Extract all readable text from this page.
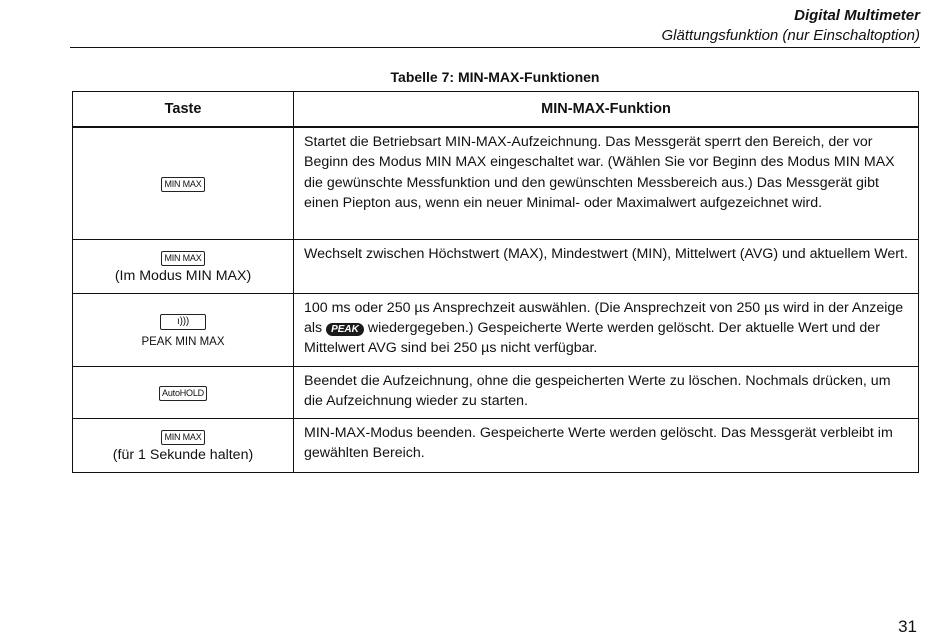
Digital Multimeter
Glättungsfunktion (nur Einschaltoption)
Tabelle 7: MIN-MAX-Funktionen
Taste	MIN-MAX-Funktion
MIN MAX	Startet die Betriebsart MIN-MAX-Aufzeichnung. Das Messgerät sperrt den Bereich, der vor Beginn des Modus MIN MAX eingeschaltet war. (Wählen Sie vor Beginn des Modus MIN MAX die gewünschte Messfunktion und den gewünschten Messbereich aus.) Das Messgerät gibt einen Piepton aus, wenn ein neuer Minimal- oder Maximalwert aufgezeichnet wird.
MIN MAX
(Im Modus MIN MAX)	Wechselt zwischen Höchstwert (MAX), Mindestwert (MIN), Mittelwert (AVG) und aktuellem Wert.
ı)))
PEAK MIN MAX	100 ms oder 250 µs Ansprechzeit auswählen. (Die Ansprechzeit von 250 µs wird in der Anzeige als PEAK wiedergegeben.) Gespeicherte Werte werden gelöscht. Der aktuelle Wert und der Mittelwert AVG sind bei 250 µs nicht verfügbar.
AutoHOLD	Beendet die Aufzeichnung, ohne die gespeicherten Werte zu löschen. Nochmals drücken, um die Aufzeichnung wieder zu starten.
MIN MAX
(für 1 Sekunde halten)	MIN-MAX-Modus beenden. Gespeicherte Werte werden gelöscht. Das Messgerät verbleibt im gewählten Bereich.
31
